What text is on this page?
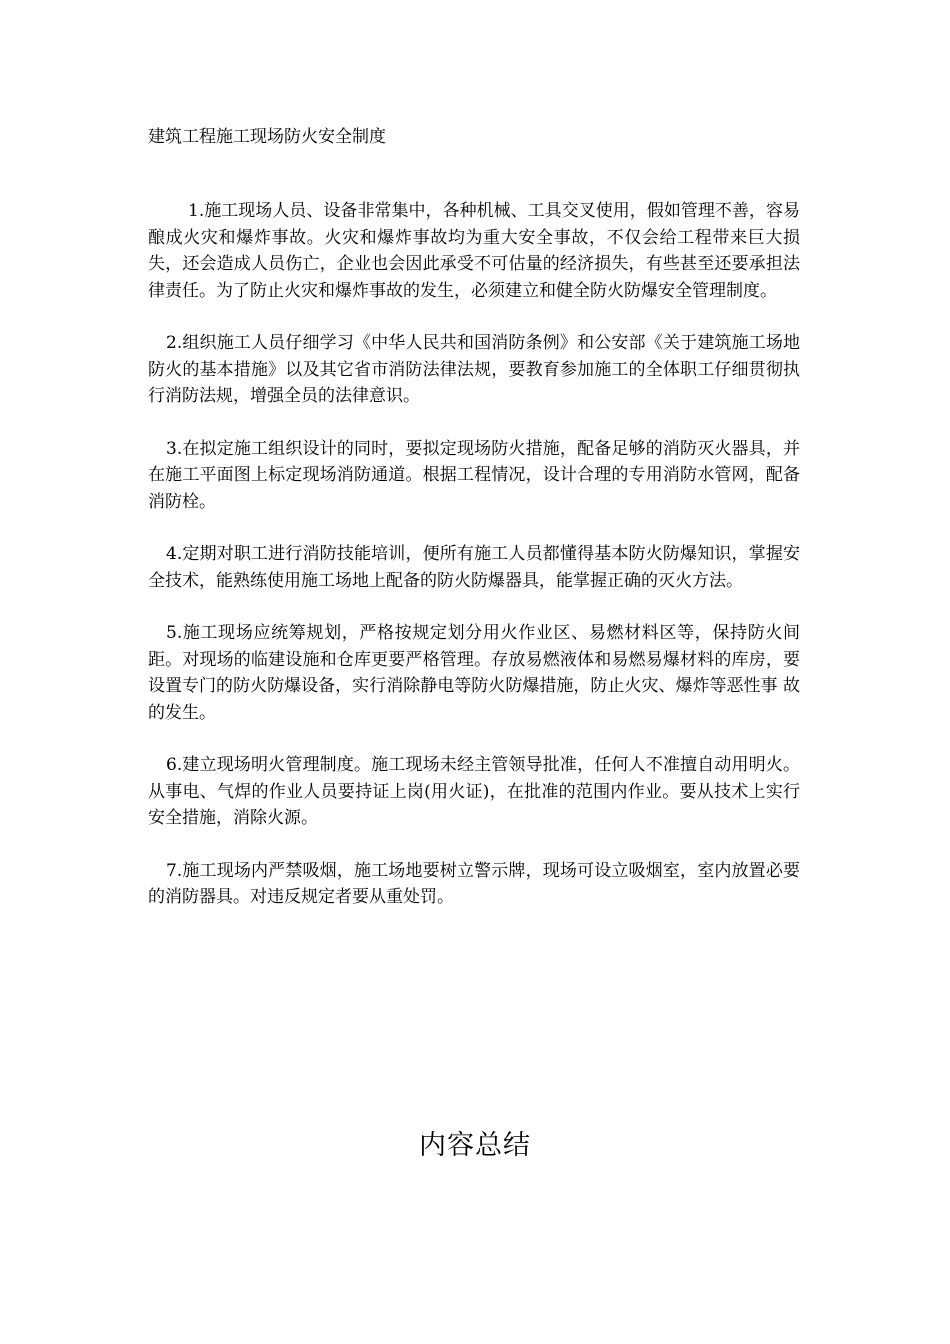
建筑工程施工现场防火安全制度

1.施工现场人员、设备非常集中，各种机械、工具交叉使用，假如管理不善，容易酿成火灾和爆炸事故。火灾和爆炸事故均为重大安全事故，不仅会给工程带来巨大损失，还会造成人员伤亡，企业也会因此承受不可估量的经济损失，有些甚至还要承担法律责任。为了防止火灾和爆炸事故的发生，必须建立和健全防火防爆安全管理制度。

2.组织施工人员仔细学习《中华人民共和国消防条例》和公安部《关于建筑施工场地防火的基本措施》以及其它省市消防法律法规，要教育参加施工的全体职工仔细贯彻执行消防法规，增强全员的法律意识。

3.在拟定施工组织设计的同时，要拟定现场防火措施，配备足够的消防灭火器具，并在施工平面图上标定现场消防通道。根据工程情况，设计合理的专用消防水管网，配备消防栓。

4.定期对职工进行消防技能培训，便所有施工人员都懂得基本防火防爆知识，掌握安全技术，能熟练使用施工场地上配备的防火防爆器具，能掌握正确的灭火方法。

5.施工现场应统筹规划，严格按规定划分用火作业区、易燃材料区等，保持防火间距。对现场的临建设施和仓库更要严格管理。存放易燃液体和易燃易爆材料的库房，要设置专门的防火防爆设备，实行消除静电等防火防爆措施，防止火灾、爆炸等恶性事 故的发生。

6.建立现场明火管理制度。施工现场未经主管领导批准，任何人不准擅自动用明火。从事电、气焊的作业人员要持证上岗(用火证)，在批准的范围内作业。要从技术上实行安全措施，消除火源。

7.施工现场内严禁吸烟，施工场地要树立警示牌，现场可设立吸烟室，室内放置必要的消防器具。对违反规定者要从重处罚。

内容总结
